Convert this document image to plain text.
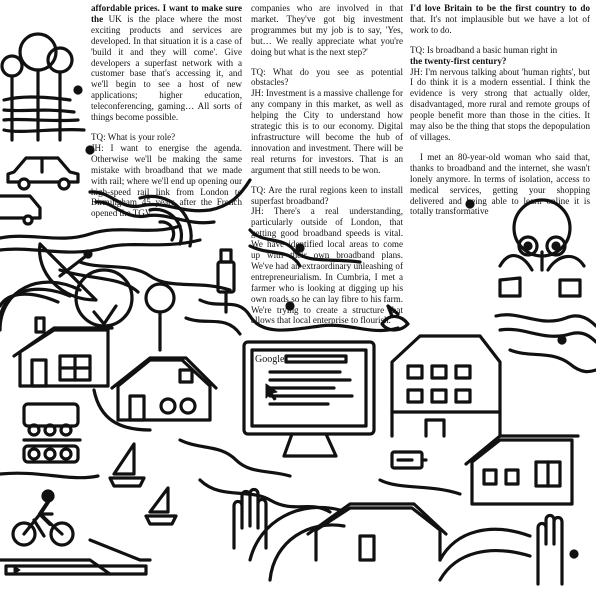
Google

affordable prices. I want to make sure the UK is the place where the most exciting products and services are developed. In that situation it is a case of 'build it and they will come'. Give developers a superfast network with a customer base that's accessing it, and we'll begin to see a host of new applications; higher education, teleconferencing, gaming… All sorts of things become possible.

TQ: What is your role?

JH: I want to energise the agenda. Otherwise we'll be making the same mistake with broadband that we made with rail; where we'll end up opening our high-speed rail link from London to Birmingham 45 years after the French opened the TGV.

companies who are involved in that market. They've got big investment programmes but my job is to say, 'Yes, but… We really appreciate what you're doing but what is the next step?'

TQ: What do you see as potential obstacles?

JH: Investment is a massive challenge for any company in this market, as well as helping the City to understand how strategic this is to our economy. Digital infrastructure will become the hub of innovation and investment. There will be real returns for investors. That is an argument that still needs to be won.

TQ: Are the rural regions keen to install superfast broadband?

JH: There's a real understanding, particularly outside of London, that getting good broadband speeds is vital. We have identified local areas to come up with their own broadband plans. We've had an extraordinary unleashing of entrepreneurialism. In Cumbria, I met a farmer who is looking at digging up his own roads so he can lay fibre to his farm. We're trying to create a structure that allows that local enterprise to flourish.

I'd love Britain to be the first country to do that. It's not implausible but we have a lot of work to do.

TQ: Is broadband a basic human right in
the twenty-first century?

JH: I'm nervous talking about 'human rights', but I do think it is a modern essential. I think the evidence is very strong that actually older, disadvantaged, more rural and remote groups of people benefit more than those in the cities. It may also be the thing that stops the depopulation of villages.

I met an 80-year-old woman who said that, thanks to broadband and the internet, she wasn't lonely anymore. In terms of isolation, access to medical services, getting your shopping delivered and being able to learn online it is totally transformative
